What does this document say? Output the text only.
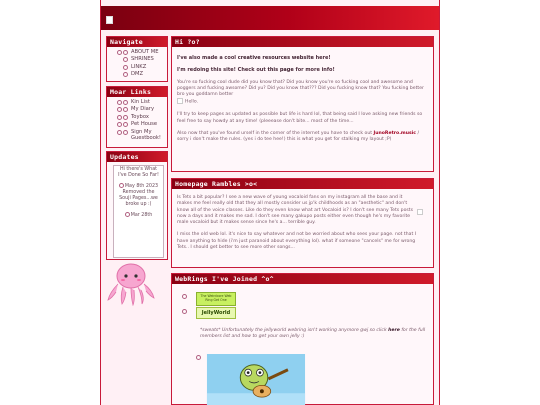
Navigate
ABOUT ME
SHRINES
LINKZ
DMZ
Moar Links
Kin List
My Diary
Toybox
Pet House
Sign My Guestbook!
Updates
Hi there's What I've Done So Far!
May 8th 2023 Removed the Souji Pages...we broke up :(
Mar 28th
Hi ?o?

I've also made a cool creative resources website here!

I'm redoing this site! Check out this page for more info!

You're so fucking cool dude did you know that? Did you know you're so fucking cool and awesome and poggers and fucking awsome? Did yu? Did you know that??? Did you fucking know that? You fucking better bro you goddamn better
Hello.

I'll try to keep pages as updated as possible but life is hard lol, that being said I love asking new friends so feel free to say howdy at any time! (pleeease don't bite... most of the time...

Also now that you've found urself in the corner of the internet you have to check out JunoRetro.music / sorry i don't make the rules. (yes i do tee hee!) this is what you get for stalking my layout ;P)

Homepage Rambles >o<

Is Tets a bit popular? I see a new wave of young vocaloid fans on my instagram all the base and it makes me feel really old that they all mostly consider us jp'k childhoods as an "aesthetic" and don't know all of the voice classes. Like do they even know what art Vocaloid is? I don't see many Tets posts now a days and it makes me sad. I don't see many gakupo posts either even though he's my favorite male vocaloid but it makes sense since he's a... terrible guy.

I miss the old web lol. it's nice to say whatever and not be worried about who sees your page. not that I have anything to hide (i'm just paranoid about everything lol). what if someone "cancels" me for wrong Tets.. I should get better to see more other songs...

WebRings I've Joined ^o^
The Weirdcore Web Ring Get One
JellyWorld

*sweats* Unfortunately the jellyworld webring isn't working anymore gwj so click here for the full members list and how to get your own jelly :)
